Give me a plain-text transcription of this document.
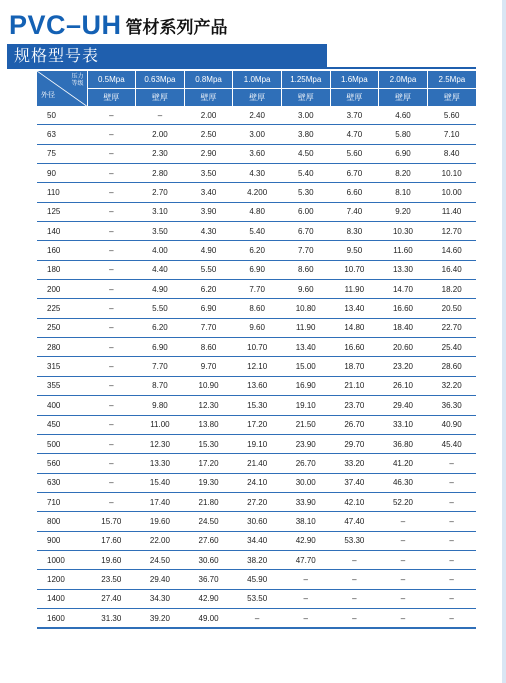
PVC–UH 管材系列产品
规格型号表
压力
等级
外径	0.5Mpa	0.63Mpa	0.8Mpa	1.0Mpa	1.25Mpa	1.6Mpa	2.0Mpa	2.5Mpa
	壁厚	壁厚	壁厚	壁厚	壁厚	壁厚	壁厚	壁厚
50	–	–	2.00	2.40	3.00	3.70	4.60	5.60
63	–	2.00	2.50	3.00	3.80	4.70	5.80	7.10
75	–	2.30	2.90	3.60	4.50	5.60	6.90	8.40
90	–	2.80	3.50	4.30	5.40	6.70	8.20	10.10
110	–	2.70	3.40	4.200	5.30	6.60	8.10	10.00
125	–	3.10	3.90	4.80	6.00	7.40	9.20	11.40
140	–	3.50	4.30	5.40	6.70	8.30	10.30	12.70
160	–	4.00	4.90	6.20	7.70	9.50	11.60	14.60
180	–	4.40	5.50	6.90	8.60	10.70	13.30	16.40
200	–	4.90	6.20	7.70	9.60	11.90	14.70	18.20
225	–	5.50	6.90	8.60	10.80	13.40	16.60	20.50
250	–	6.20	7.70	9.60	11.90	14.80	18.40	22.70
280	–	6.90	8.60	10.70	13.40	16.60	20.60	25.40
315	–	7.70	9.70	12.10	15.00	18.70	23.20	28.60
355	–	8.70	10.90	13.60	16.90	21.10	26.10	32.20
400	–	9.80	12.30	15.30	19.10	23.70	29.40	36.30
450	–	11.00	13.80	17.20	21.50	26.70	33.10	40.90
500	–	12.30	15.30	19.10	23.90	29.70	36.80	45.40
560	–	13.30	17.20	21.40	26.70	33.20	41.20	–
630	–	15.40	19.30	24.10	30.00	37.40	46.30	–
710	–	17.40	21.80	27.20	33.90	42.10	52.20	–
800	15.70	19.60	24.50	30.60	38.10	47.40	–	–
900	17.60	22.00	27.60	34.40	42.90	53.30	–	–
1000	19.60	24.50	30.60	38.20	47.70	–	–	–
1200	23.50	29.40	36.70	45.90	–	–	–	–
1400	27.40	34.30	42.90	53.50	–	–	–	–
1600	31.30	39.20	49.00	–	–	–	–	–
